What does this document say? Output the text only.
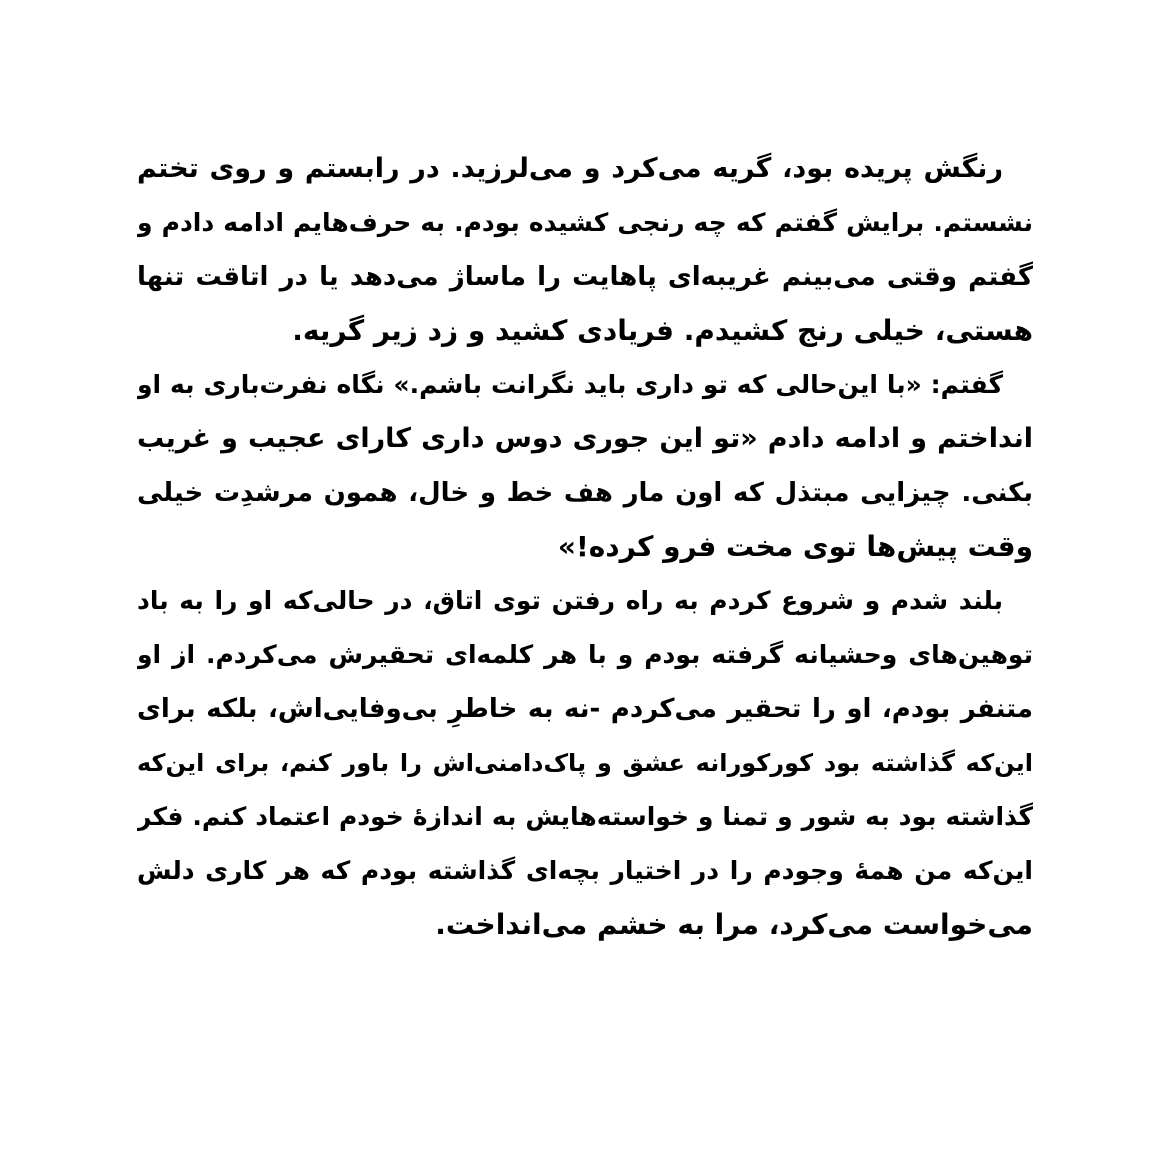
رنگش پریده بود، گریه می‌کرد و می‌لرزید. در رابستم و روی تختم
نشستم. برایش گفتم که چه رنجی کشیده بودم. به حرف‌هایم ادامه دادم و
گفتم وقتی می‌بینم غریبه‌ای پاهایت را ماساژ می‌دهد یا در اتاقت تنها
هستی، خیلی رنج کشیدم. فریادی کشید و زد زیر گریه.
گفتم: «با این‌حالی که تو داری باید نگرانت باشم.» نگاه نفرت‌باری به او
انداختم و ادامه دادم «تو این جوری دوس داری کارای عجیب و غریب
بکنی. چیزایی مبتذل که اون مار هف خط و خال، همون مرشدِت خیلی
وقت پیش‌ها توی مخت فرو کرده!»
بلند شدم و شروع کردم به راه رفتن توی اتاق، در حالی‌که او را به باد
توهین‌های وحشیانه گرفته بودم و با هر کلمه‌ای تحقیرش می‌کردم. از او
متنفر بودم، او را تحقیر می‌کردم -نه به خاطرِ بی‌وفایی‌اش، بلکه برای
این‌که گذاشته بود کورکورانه عشق و پاک‌دامنی‌اش را باور کنم، برای این‌که
گذاشته بود به شور و تمنا و خواسته‌هایش به اندازهٔ خودم اعتماد کنم. فکر
این‌که من همهٔ وجودم را در اختیار بچه‌ای گذاشته بودم که هر کاری دلش
می‌خواست می‌کرد، مرا به خشم می‌انداخت.
